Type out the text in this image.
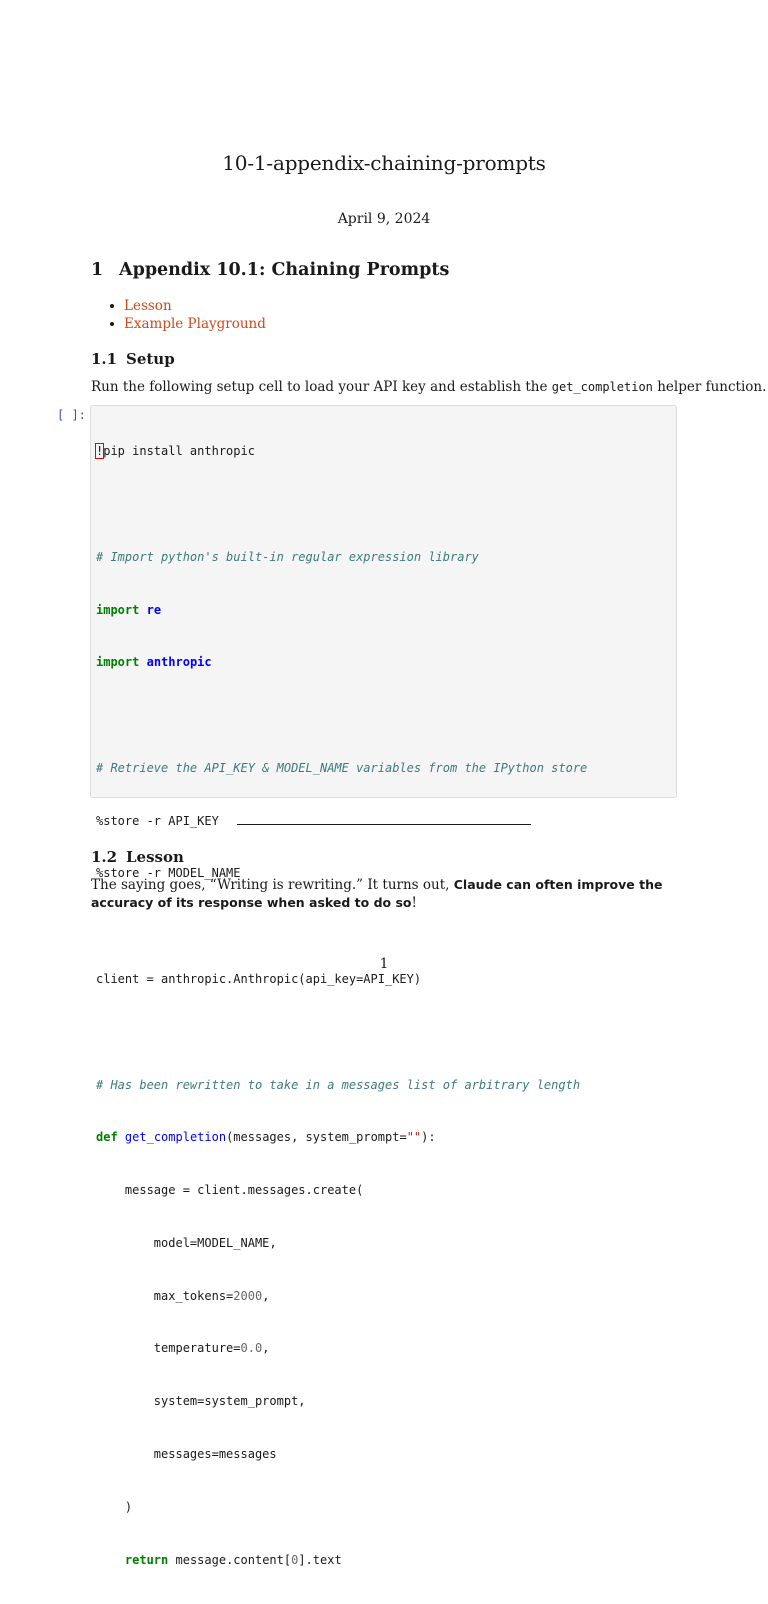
10-1-appendix-chaining-prompts
April 9, 2024
1 Appendix 10.1: Chaining Prompts
Lesson
Example Playground
1.1 Setup
Run the following setup cell to load your API key and establish the get_completion helper function.
[ ]:

!pip install anthropic

# Import python's built-in regular expression library

import re

import anthropic

# Retrieve the API_KEY & MODEL_NAME variables from the IPython store

%store -r API_KEY

%store -r MODEL_NAME

client = anthropic.Anthropic(api_key=API_KEY)

# Has been rewritten to take in a messages list of arbitrary length

def get_completion(messages, system_prompt=""):

message = client.messages.create(

model=MODEL_NAME,

max_tokens=2000,

temperature=0.0,

system=system_prompt,

messages=messages

)

return message.content[0].text

1.2 Lesson
The saying goes, “Writing is rewriting.” It turns out, Claude can often improve the accuracy of its response when asked to do so!
1
